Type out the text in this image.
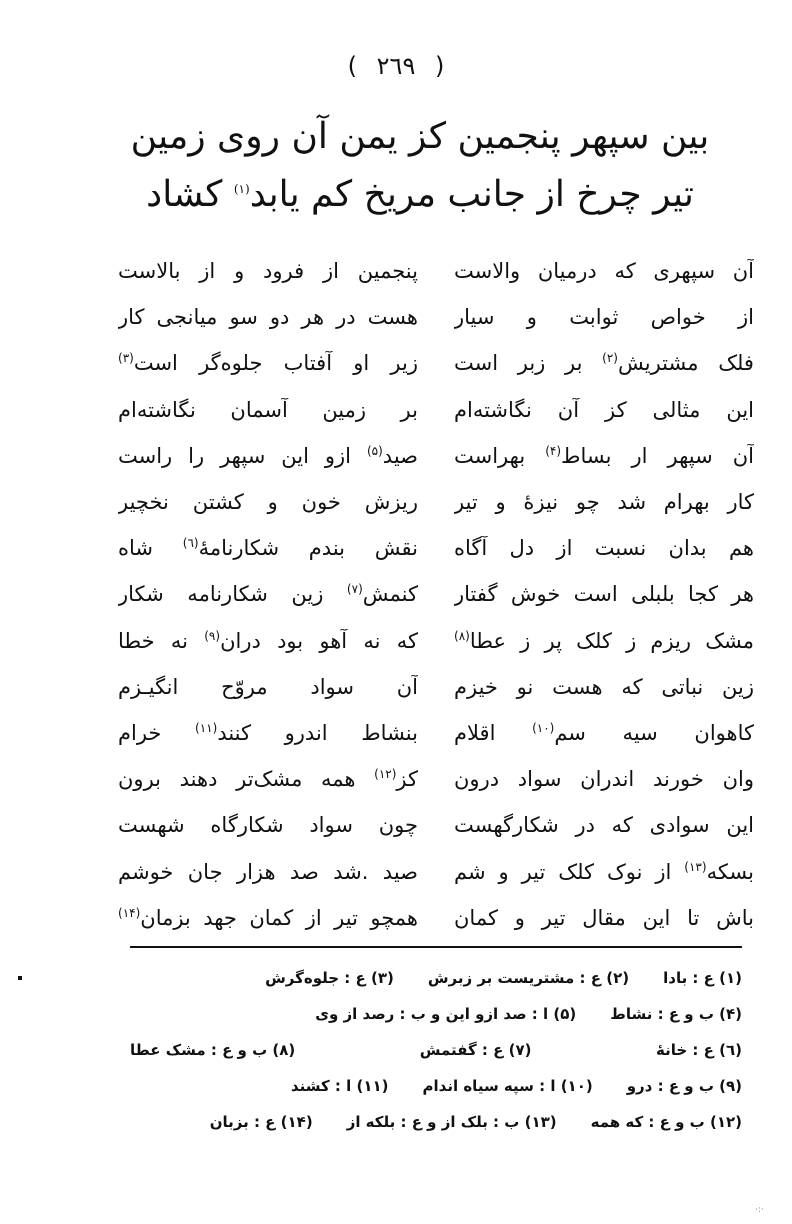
( ٢٦٩ )
بین سپهر پنجمین کز یمن آن روی زمین
تیر چرخ از جانب مریخ کم یابد$^{(١)}$ کشاد
آن سپهری که درمیان والاست
پنجمین از فرود و از بالاست
از خواص ثوابت و سیار
هست در هر دو سو میانجی کار
فلک مشتریش$^{(٢)}$ بر زبر است
زیر او آفتاب جلوه‌گر است$^{(٣)}$
این مثالی کز آن نگاشته‌ام
بر زمین آسمان نگاشته‌ام
آن سپهر ار بساط$^{(۴)}$ بهراست
صید$^{(۵)}$ ازو این سپهر را راست
کار بهرام شد چو نیزهٔ و تیر
ریزش خون و کشتن نخچیر
هم بدان نسبت از دل آگاه
نقش بندم شکارنامهٔ$^{(٦)}$ شاه
هر کجا بلبلی است خوش گفتار
کنمش$^{(٧)}$ زین شکارنامه شکار
مشک ریزم ز کلک پر ز عطا$^{(٨)}$
که نه آهو بود دران$^{(٩)}$ نه خطا
زین نباتی که هست نو خیزم
آن سواد مروّح انگیـزم
کاهوان سیه سم$^{(١٠)}$ اقلام
بنشاط اندرو کنند$^{(١١)}$ خرام
وان خورند اندران سواد درون
کز$^{(١٢)}$ همه مشک‌تر دهند برون
این سوادی که در شکارگهست
چون سواد شکارگاه شهست
بسکه$^{(١٣)}$ از نوک کلک تیر و شم
صید .شد صد هزار جان خوشم
باش تا این مقال تیر و کمان
همچو تیر از کمان جهد بزمان$^{(١۴)}$
(١) ع : بادا
(٢) ع : مشتریست بر زبرش
(٣) ع : جلوه‌گرش
(۴) ب و ع : نشاط
(۵) ا : صد ازو این و ب : رصد از وی
(٦) ع : خانهٔ
(٧) ع : گفتمش
(٨) ب و ع : مشک عطا
(٩) ب و ع : درو
(١٠) ا : سپه سیاه اندام
(١١) ا : کشند
(١٢) ب و ع : که همه
(١٣) ب : بلک از و ع : بلکه از
(١۴) ع : بزبان
·:·
